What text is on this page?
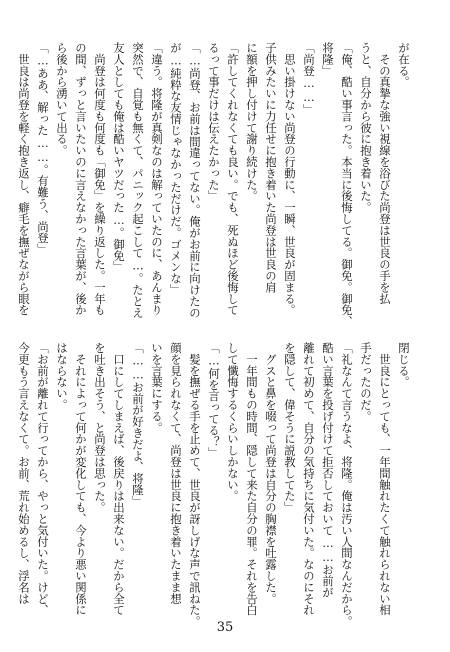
が在る。
　その真摯な強い視線を浴びた尚登は世良の手を払
うと、自分から彼に抱き着いた。
「俺、酷い事言った。本当に後悔してる。御免。御免、
将隆」
「尚登……」
　思い掛けない尚登の行動に、一瞬、世良が固まる。
子供みたいに力任せに抱き着いた尚登は世良の肩
に額を押し付けて謝り続けた。
「許してくれなくても良い。でも、死ぬほど後悔して
るって事だけは伝えたかった」
「…尚登、お前は間違ってない。俺がお前に向けたの
が…純粋な友情じゃなかっただけだ。ゴメンな」
「違う。将隆が真剣なのは解っていたのに、あんまり
突然で、自覚も無くて、パニック起こして…。たとえ
友人としても俺は酷いヤツだった…。御免」
　尚登は何度も何度も「御免」を繰り返した。一年も
の間、ずっと言いたいのに言えなかった言葉が、後か
ら後から湧いて出る。
「…ああ、解った……。有難う、尚登」
　世良は尚登を軽く抱き返し、癖毛を撫ぜながら眼を
閉じる。
　世良にとっても、一年間触れたくて触れられない相
手だったのだ。
「礼なんて言うなよ、将隆。俺は汚い人間なんだから。
酷い言葉を投げ付けて拒否しておいて……お前が
離れて初めて、自分の気持ちに気付いた。なのにそれ
を隠して、偉そうに説教してた」
　グスと鼻を啜って尚登は自分の胸襟を吐露した。
　一年間もの時間、隠して来た自分の罪。それを告白
して懺悔するくらいしかない。
「…何を言ってる？」
　髪を撫ぜる手を止めて、世良が訝しげな声で訊ねた。
顔を見られなくて、尚登は世良に抱き着いたまま想
いを言葉にする。
「……お前が好きだよ、将隆」
　口にしてしまえば、後戻りは出来ない。だから全て
を吐き出そう、と尚登は思った。
　それによって何かが変化しても、今より悪い関係に
はならない。
「お前が離れて行ってから、やっと気付いた。けど、
今更もう言えなくて。お前、荒れ始めるし、浮名は
35
